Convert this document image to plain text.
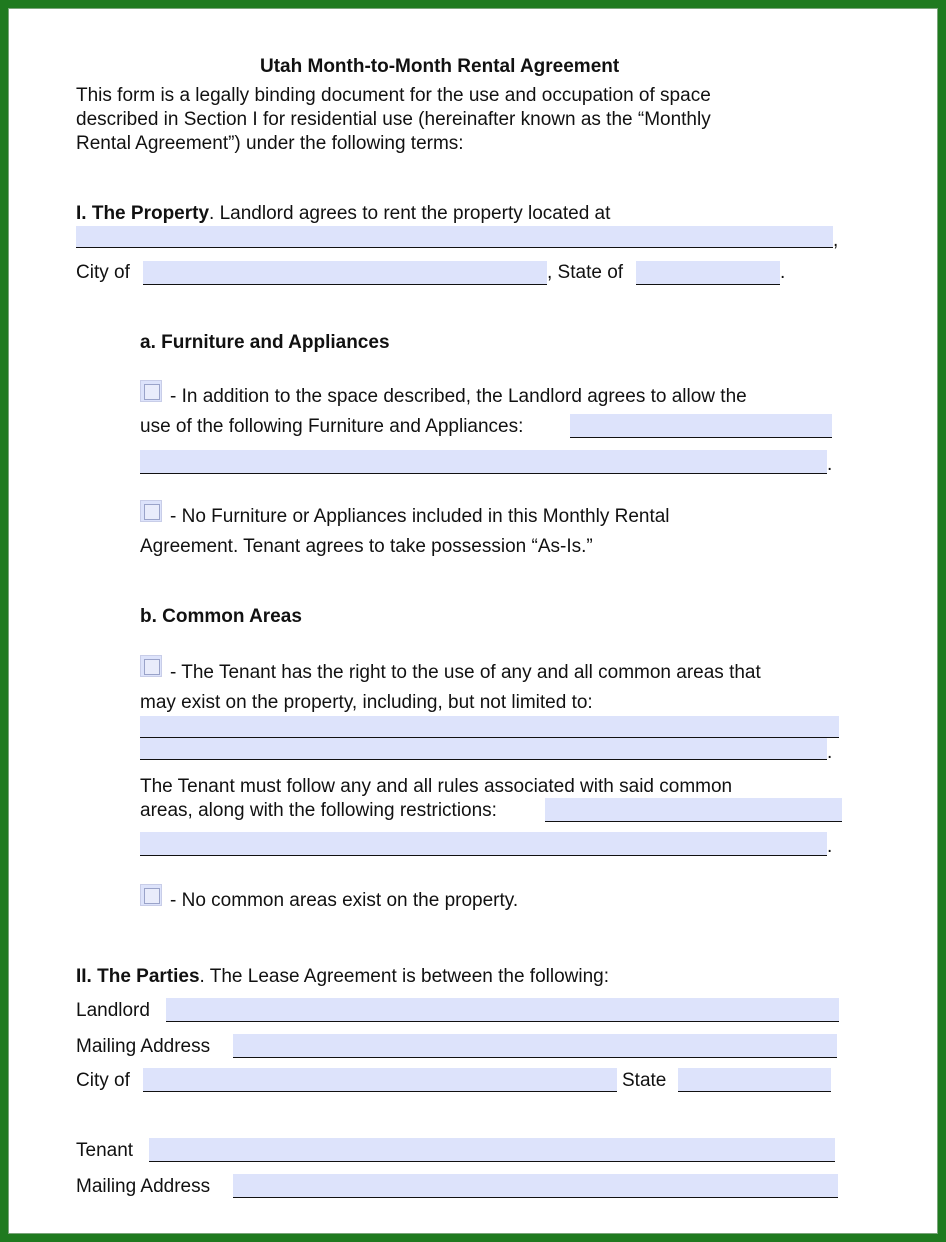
Utah Month-to-Month Rental Agreement
This form is a legally binding document for the use and occupation of space
described in Section I for residential use (hereinafter known as the “Monthly
Rental Agreement”) under the following terms:
I. The Property. Landlord agrees to rent the property located at
,
City of	, State of	.
a. Furniture and Appliances
- In addition to the space described, the Landlord agrees to allow the
use of the following Furniture and Appliances:
.
- No Furniture or Appliances included in this Monthly Rental
Agreement. Tenant agrees to take possession “As-Is.”
b. Common Areas
- The Tenant has the right to the use of any and all common areas that
may exist on the property, including, but not limited to:
.
The Tenant must follow any and all rules associated with said common
areas, along with the following restrictions:
.
- No common areas exist on the property.
II. The Parties. The Lease Agreement is between the following:
Landlord
Mailing Address
City of	State
Tenant
Mailing Address
